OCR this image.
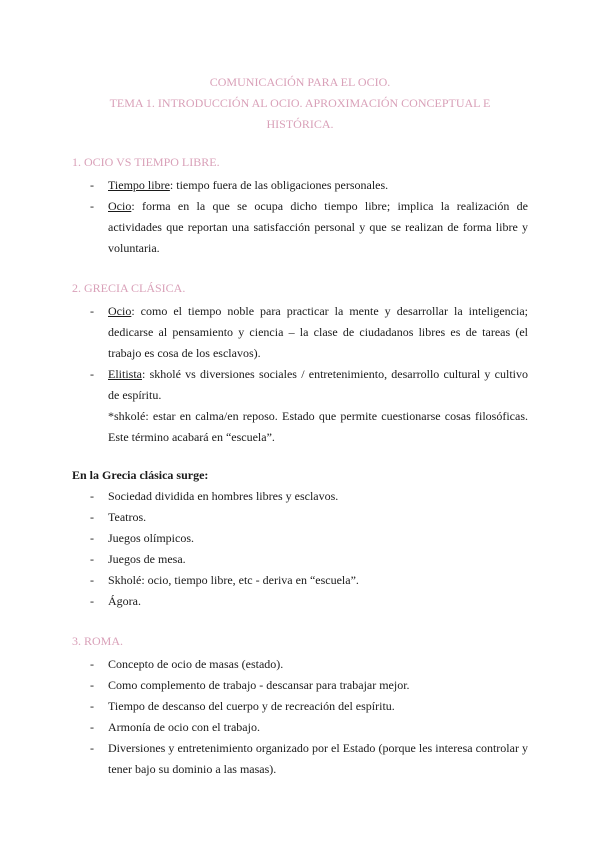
COMUNICACIÓN PARA EL OCIO.
TEMA 1. INTRODUCCIÓN AL OCIO. APROXIMACIÓN CONCEPTUAL E
HISTÓRICA.
1. OCIO VS TIEMPO LIBRE.
- Tiempo libre: tiempo fuera de las obligaciones personales.
- Ocio: forma en la que se ocupa dicho tiempo libre; implica la realización de actividades que reportan una satisfacción personal y que se realizan de forma libre y voluntaria.
2. GRECIA CLÁSICA.
- Ocio: como el tiempo noble para practicar la mente y desarrollar la inteligencia; dedicarse al pensamiento y ciencia – la clase de ciudadanos libres es de tareas (el trabajo es cosa de los esclavos).
- Elitista: skholé vs diversiones sociales / entretenimiento, desarrollo cultural y cultivo de espíritu.
*shkolé: estar en calma/en reposo. Estado que permite cuestionarse cosas filosóficas. Este término acabará en “escuela”.
En la Grecia clásica surge:
- Sociedad dividida en hombres libres y esclavos.
- Teatros.
- Juegos olímpicos.
- Juegos de mesa.
- Skholé: ocio, tiempo libre, etc - deriva en “escuela”.
- Ágora.
3. ROMA.
- Concepto de ocio de masas (estado).
- Como complemento de trabajo - descansar para trabajar mejor.
- Tiempo de descanso del cuerpo y de recreación del espíritu.
- Armonía de ocio con el trabajo.
- Diversiones y entretenimiento organizado por el Estado (porque les interesa controlar y tener bajo su dominio a las masas).
